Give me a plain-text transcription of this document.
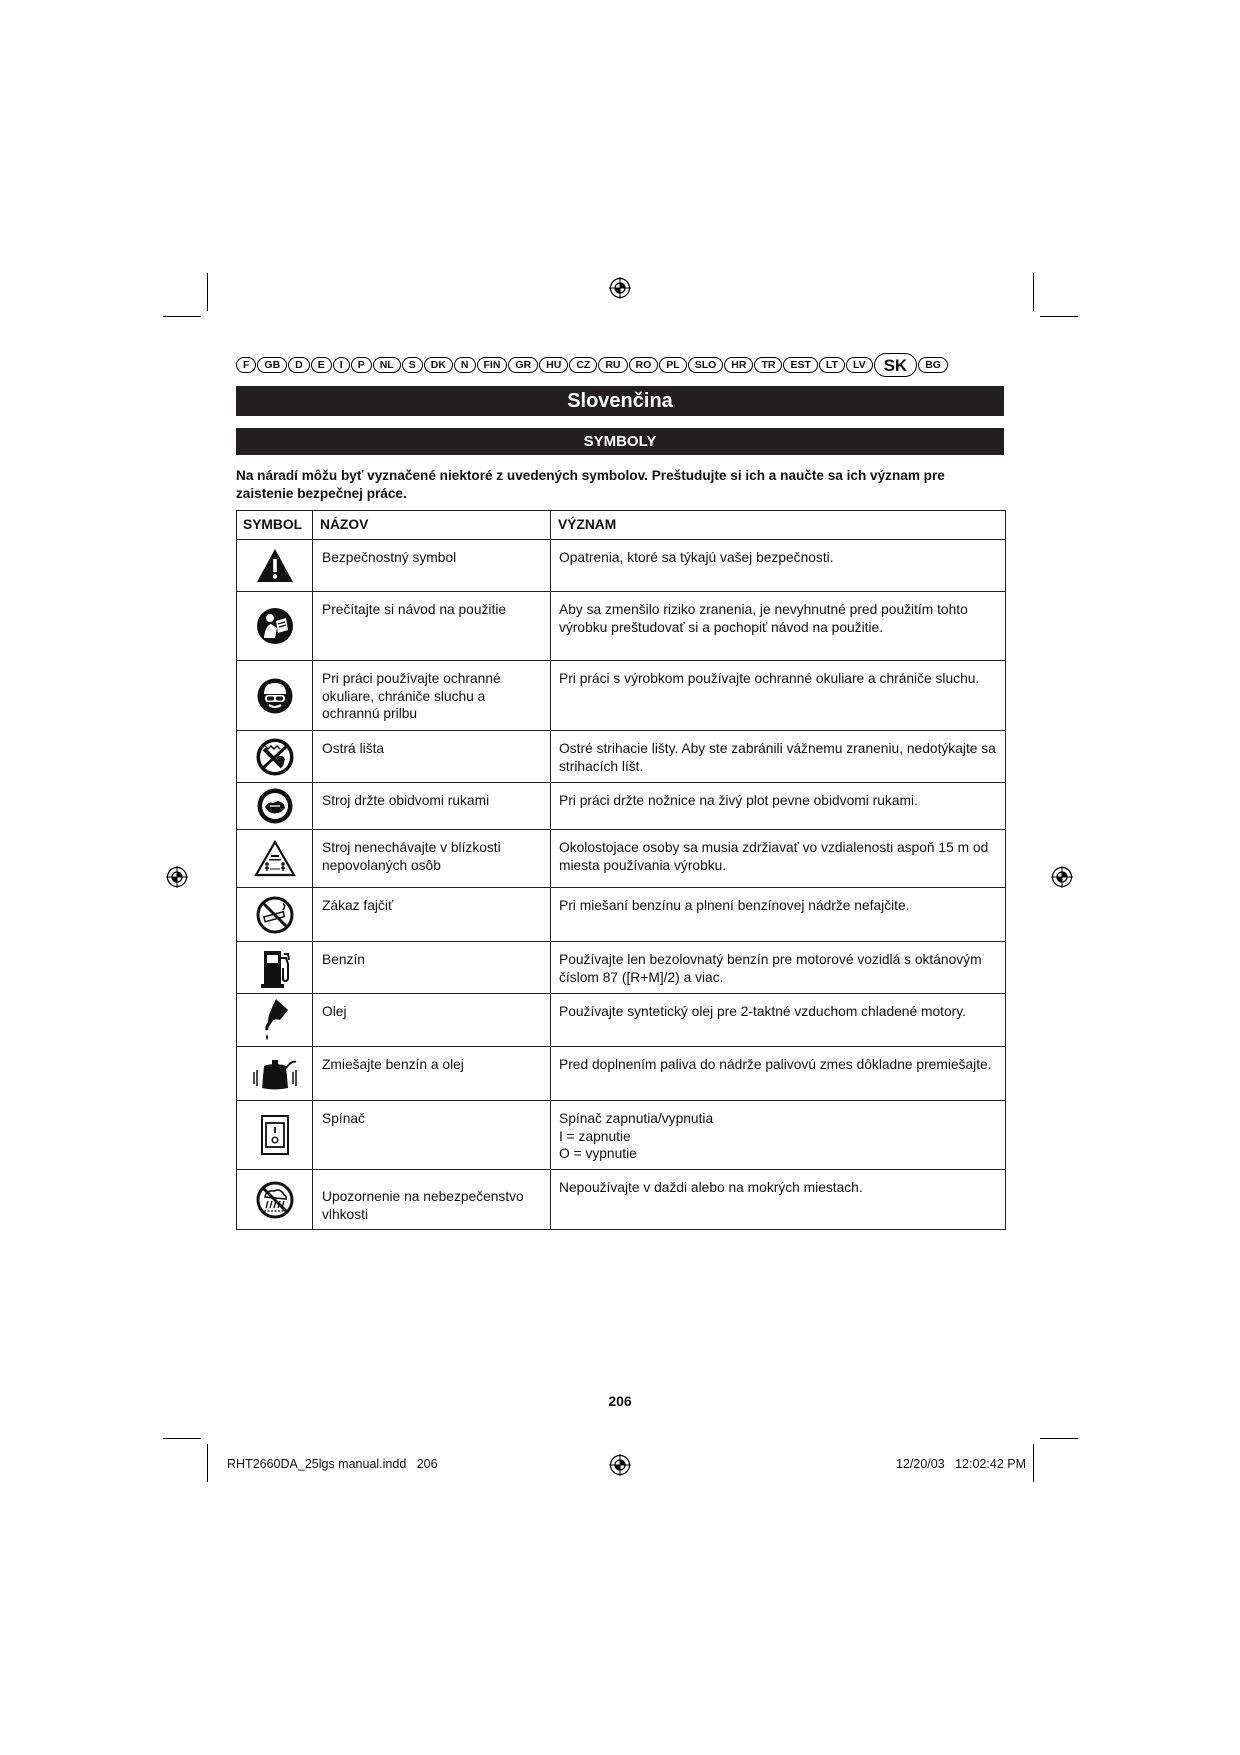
F	GB	D	E	I	P	NL	S	DK	N	FIN	GR	HU	CZ	RU	RO	PL	SLO	HR	TR	EST	LT	LV	SK	BG
Slovenčina
SYMBOLY
Na náradí môžu byť vyznačené niektoré z uvedených symbolov. Preštudujte si ich a naučte sa ich význam pre zaistenie bezpečnej práce.
SYMBOL	NÁZOV	VÝZNAM

	Bezpečnostný symbol	Opatrenia, ktoré sa týkajú vašej bezpečnosti.

	Prečítajte si návod na použitie	Aby sa zmenšilo riziko zranenia, je nevyhnutné pred použitím tohto výrobku preštudovať si a pochopiť návod na použitie.

	Pri práci používajte ochranné okuliare, chrániče sluchu a ochrannú prilbu	Pri práci s výrobkom používajte ochranné okuliare a chrániče sluchu.

	Ostrá lišta	Ostré strihacie lišty. Aby ste zabránili vážnemu zraneniu, nedotýkajte sa strihacích líšt.

	Stroj držte obidvomi rukami	Pri práci držte nožnice na živý plot pevne obidvomi rukami.

	Stroj nenechávajte v blízkosti nepovolaných osôb	Okolostojace osoby sa musia zdržiavať vo vzdialenosti aspoň 15 m od miesta používania výrobku.

	Zákaz fajčiť	Pri miešaní benzínu a plnení benzínovej nádrže nefajčite.

	Benzín	Používajte len bezolovnatý benzín pre motorové vozidlá s oktánovým číslom 87 ([R+M]/2) a viac.

	Olej	Používajte syntetický olej pre 2-taktné vzduchom chladené motory.

	Zmiešajte benzín a olej	Pred doplnením paliva do nádrže palivovú zmes dôkladne premiešajte.

	Spínač	Spínač zapnutia/vypnutia
I = zapnutie
O = vypnutie

	Upozornenie na nebezpečenstvo vlhkosti	Nepoužívajte v daždi alebo na mokrých miestach.
206
RHT2660DA_25lgs manual.indd   206	12/20/03   12:02:42 PM
